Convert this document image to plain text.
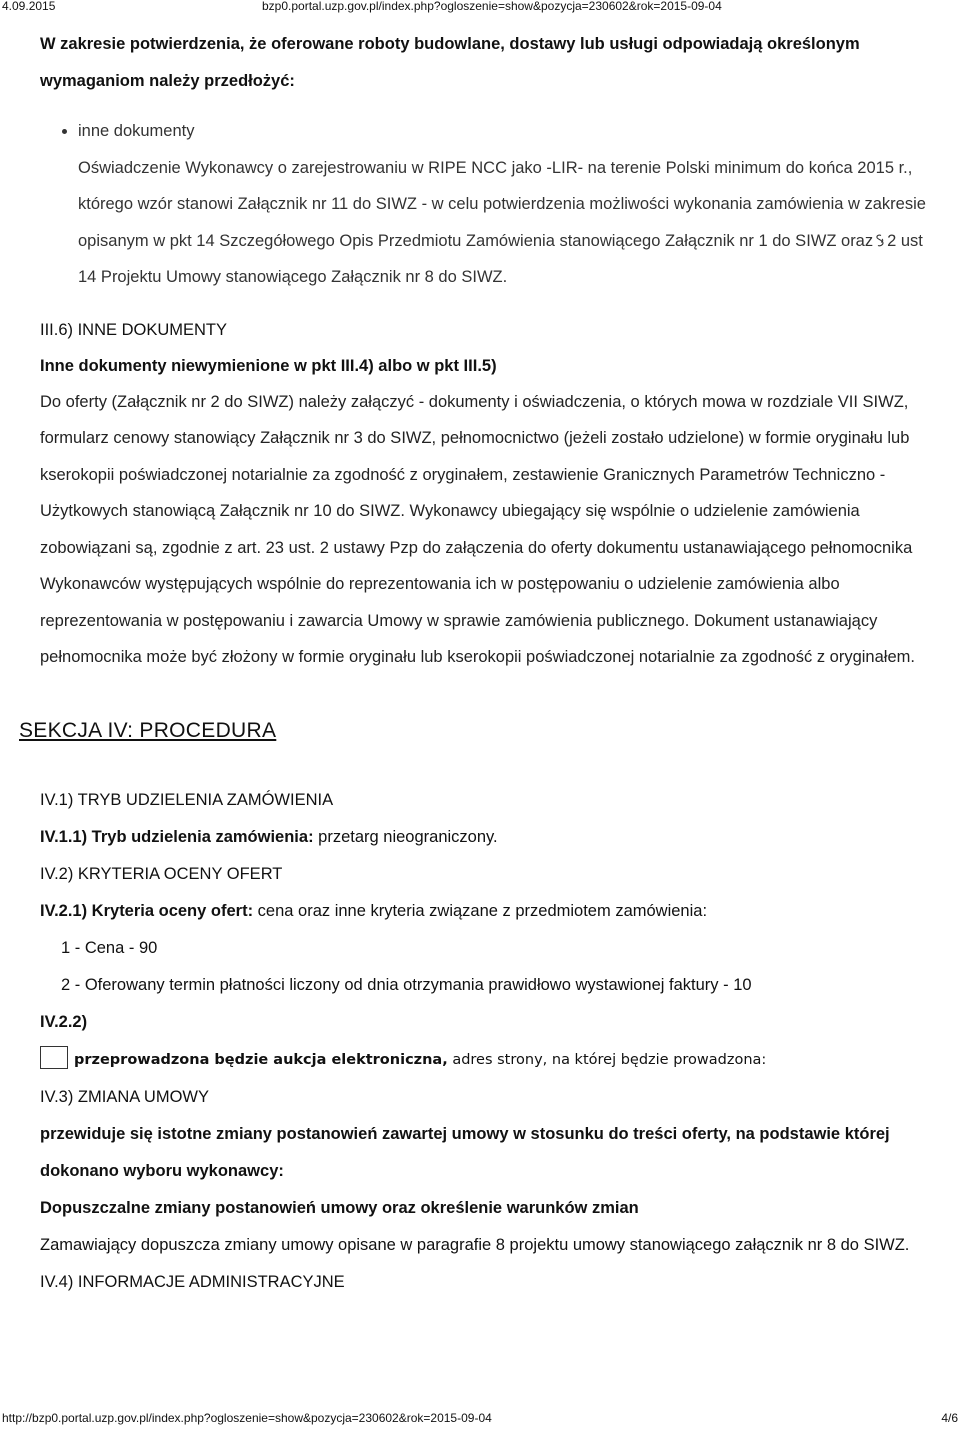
4.09.2015	bzp0.portal.uzp.gov.pl/index.php?ogloszenie=show&pozycja=230602&rok=2015-09-04

W zakresie potwierdzenia, że oferowane roboty budowlane, dostawy lub usługi odpowiadają określonym wymaganiom należy przedłożyć:

• inne dokumenty
Oświadczenie Wykonawcy o zarejestrowaniu w RIPE NCC jako -LIR- na terenie Polski minimum do końca 2015 r., którego wzór stanowi Załącznik nr 11 do SIWZ - w celu potwierdzenia możliwości wykonania zamówienia w zakresie opisanym w pkt 14 Szczegółowego Opis Przedmiotu Zamówienia stanowiącego Załącznik nr 1 do SIWZ oraz 2 ust 14 Projektu Umowy stanowiącego Załącznik nr 8 do SIWZ.

III.6) INNE DOKUMENTY

Inne dokumenty niewymienione w pkt III.4) albo w pkt III.5)

Do oferty (Załącznik nr 2 do SIWZ) należy załączyć - dokumenty i oświadczenia, o których mowa w rozdziale VII SIWZ, formularz cenowy stanowiący Załącznik nr 3 do SIWZ, pełnomocnictwo (jeżeli zostało udzielone) w formie oryginału lub kserokopii poświadczonej notarialnie za zgodność z oryginałem, zestawienie Granicznych Parametrów Techniczno - Użytkowych stanowiącą Załącznik nr 10 do SIWZ. Wykonawcy ubiegający się wspólnie o udzielenie zamówienia zobowiązani są, zgodnie z art. 23 ust. 2 ustawy Pzp do załączenia do oferty dokumentu ustanawiającego pełnomocnika Wykonawców występujących wspólnie do reprezentowania ich w postępowaniu o udzielenie zamówienia albo reprezentowania w postępowaniu i zawarcia Umowy w sprawie zamówienia publicznego. Dokument ustanawiający pełnomocnika może być złożony w formie oryginału lub kserokopii poświadczonej notarialnie za zgodność z oryginałem.

SEKCJA IV: PROCEDURA

IV.1) TRYB UDZIELENIA ZAMÓWIENIA

IV.1.1) Tryb udzielenia zamówienia: przetarg nieograniczony.

IV.2) KRYTERIA OCENY OFERT

IV.2.1) Kryteria oceny ofert: cena oraz inne kryteria związane z przedmiotem zamówienia:

1 - Cena - 90

2 - Oferowany termin płatności liczony od dnia otrzymania prawidłowo wystawionej faktury - 10

IV.2.2)

przeprowadzona będzie aukcja elektroniczna, adres strony, na której będzie prowadzona:

IV.3) ZMIANA UMOWY

przewiduje się istotne zmiany postanowień zawartej umowy w stosunku do treści oferty, na podstawie której dokonano wyboru wykonawcy:

Dopuszczalne zmiany postanowień umowy oraz określenie warunków zmian

Zamawiający dopuszcza zmiany umowy opisane w paragrafie 8 projektu umowy stanowiącego załącznik nr 8 do SIWZ.

IV.4) INFORMACJE ADMINISTRACYJNE

http://bzp0.portal.uzp.gov.pl/index.php?ogloszenie=show&pozycja=230602&rok=2015-09-04	4/6
